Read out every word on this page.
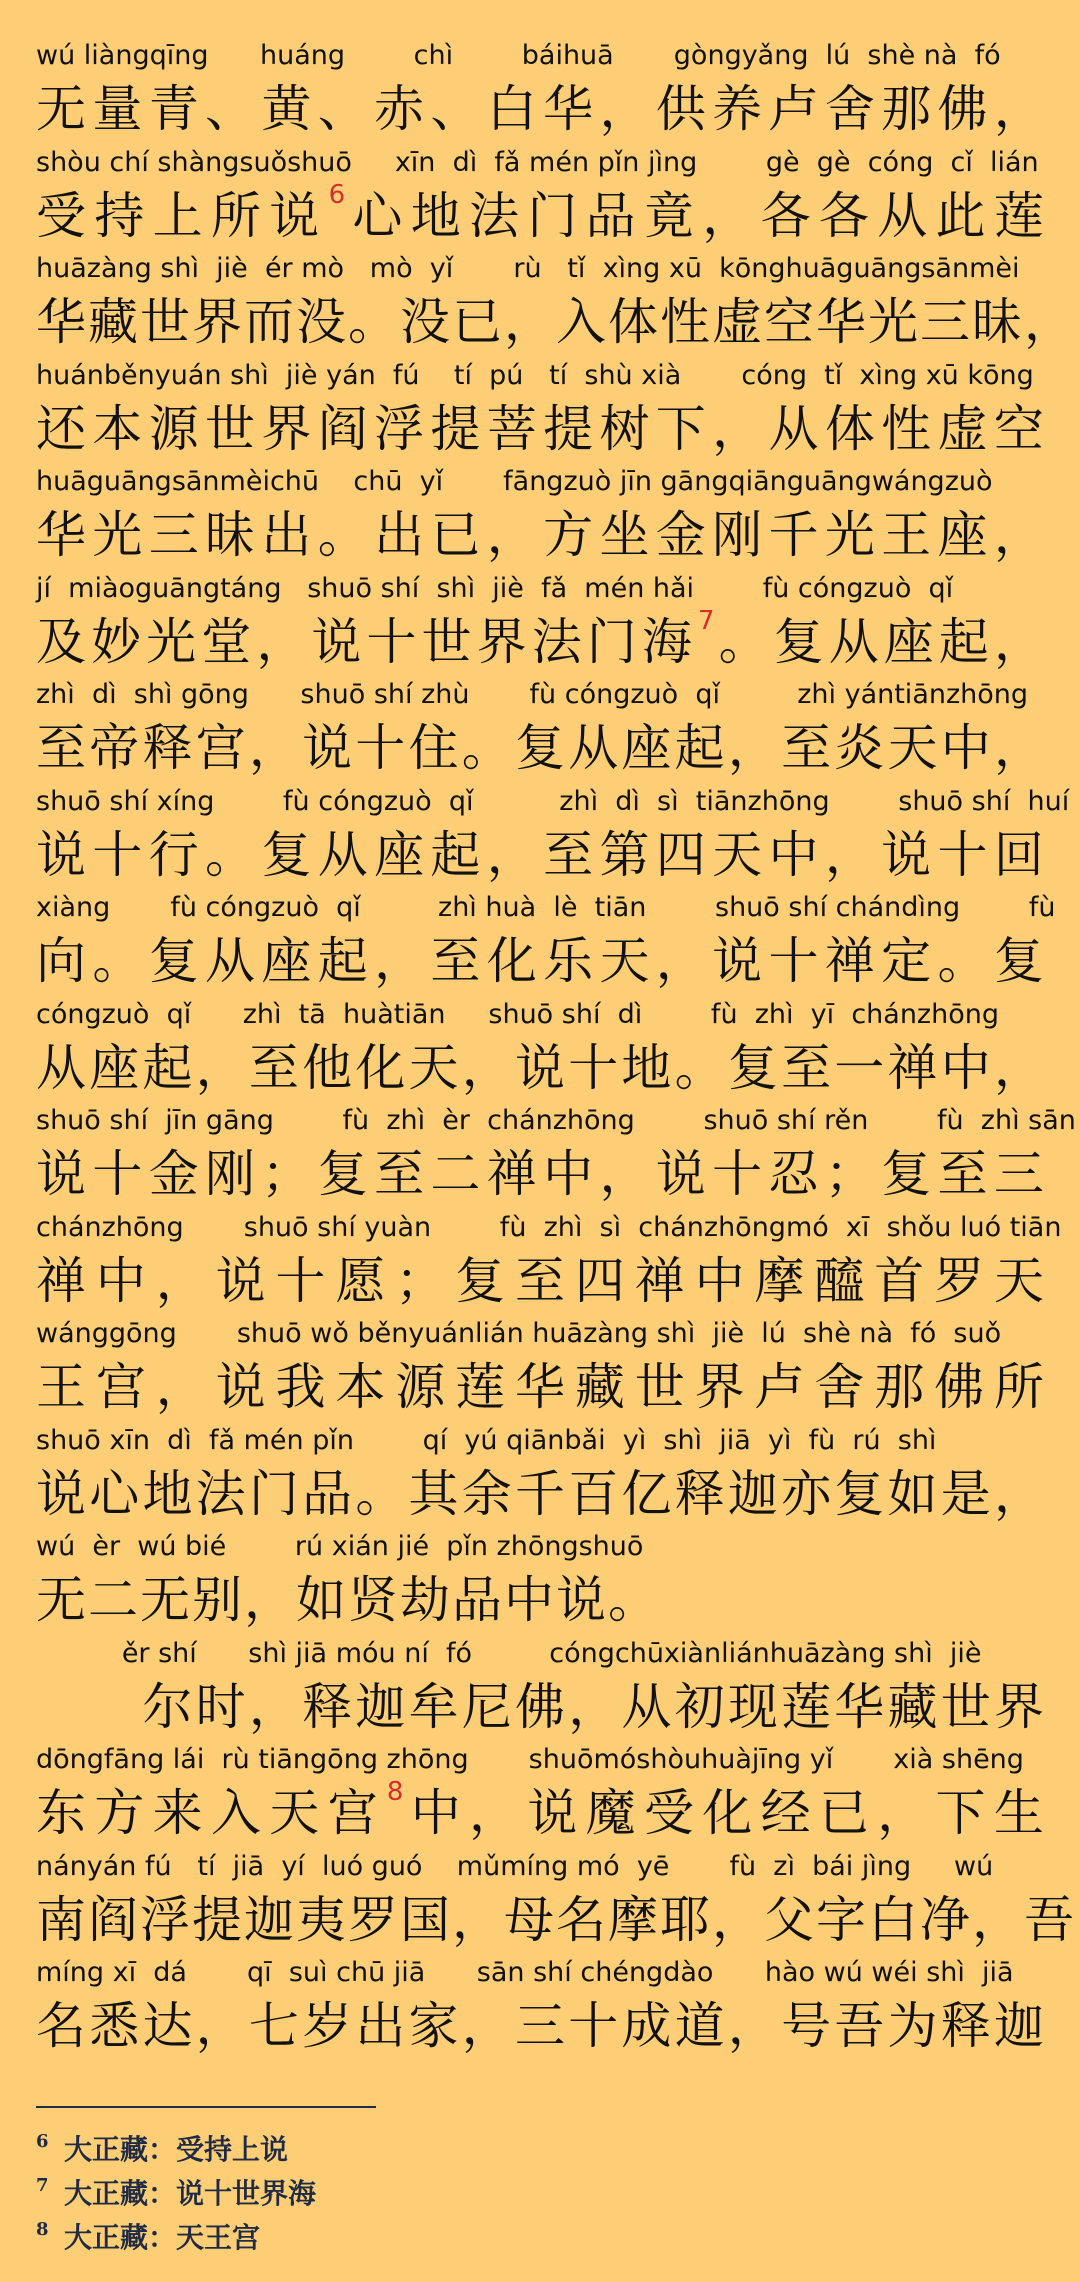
wú liàngqīng      huáng        chì        báihuā       gòngyǎng  lú  shè nà  fó
无 量 青 、 黄 、 赤 、 白 华 ， 供 养 卢 舍 那 佛 ，
shòu chí shàngsuǒshuō     xīn  dì  fǎ mén pǐn jìng        gè  gè  cóng  cǐ  lián
受 持 上 所 说 6 心 地 法 门 品 竟 ， 各 各 从 此 莲
huāzàng shì  jiè  ér mò   mò  yǐ       rù   tǐ  xìng xū  kōnghuāguāngsānmèi
华 藏 世 界 而 没 。 没 已 ， 入 体 性 虚 空 华 光 三 昧 ，
huánběnyuán shì  jiè yán  fú    tí  pú   tí  shù xià       cóng  tǐ  xìng xū kōng
还 本 源 世 界 阎 浮 提 菩 提 树 下 ， 从 体 性 虚 空
huāguāngsānmèichū    chū  yǐ       fāngzuò jīn gāngqiānguāngwángzuò
华 光 三 昧 出 。 出 已 ， 方 坐 金 刚 千 光 王 座 ，
jí  miàoguāngtáng   shuō shí  shì  jiè  fǎ  mén hǎi        fù cóngzuò  qǐ
及 妙 光 堂 ， 说 十 世 界 法 门 海 7 。 复 从 座 起 ，
zhì  dì  shì gōng      shuō shí zhù       fù cóngzuò  qǐ         zhì yántiānzhōng
至 帝 释 宫 ， 说 十 住 。 复 从 座 起 ， 至 炎 天 中 ，
shuō shí xíng        fù cóngzuò  qǐ          zhì  dì  sì  tiānzhōng        shuō shí  huí
说 十 行 。 复 从 座 起 ， 至 第 四 天 中 ， 说 十 回
xiàng       fù cóngzuò  qǐ         zhì huà  lè  tiān        shuō shí chándìng        fù
向 。 复 从 座 起 ， 至 化 乐 天 ， 说 十 禅 定 。 复
cóngzuò  qǐ      zhì  tā  huàtiān     shuō shí  dì        fù  zhì  yī  chánzhōng
从 座 起 ， 至 他 化 天 ， 说 十 地 。 复 至 一 禅 中 ，
shuō shí  jīn gāng        fù  zhì  èr  chánzhōng        shuō shí rěn        fù  zhì sān
说 十 金 刚 ； 复 至 二 禅 中 ， 说 十 忍 ； 复 至 三
chánzhōng       shuō shí yuàn        fù  zhì  sì  chánzhōngmó  xī  shǒu luó tiān
禅 中 ， 说 十 愿 ； 复 至 四 禅 中 摩 醯 首 罗 天
wánggōng       shuō wǒ běnyuánlián huāzàng shì  jiè  lú  shè nà  fó  suǒ
王 宫 ， 说 我 本 源 莲 华 藏 世 界 卢 舍 那 佛 所
shuō xīn  dì  fǎ mén pǐn        qí  yú qiānbǎi  yì  shì  jiā  yì  fù  rú  shì
说 心 地 法 门 品 。 其 余 千 百 亿 释 迦 亦 复 如 是 ，
wú  èr  wú bié        rú xián jié  pǐn zhōngshuō
无 二 无 别 ， 如 贤 劫 品 中 说 。
ěr shí      shì jiā móu ní  fó         cóngchūxiànliánhuāzàng shì  jiè

尔 时 ， 释 迦 牟 尼 佛 ， 从 初 现 莲 华 藏 世 界
dōngfāng lái  rù tiāngōng zhōng       shuōmóshòuhuàjīng yǐ       xià shēng
东 方 来 入 天 宫 8 中 ， 说 魔 受 化 经 已 ， 下 生
nányán fú   tí  jiā  yí  luó guó    mǔmíng mó  yē       fù  zì  bái jìng     wú
南 阎 浮 提 迦 夷 罗 国 ， 母 名 摩 耶 ， 父 字 白 净 ， 吾
míng xī  dá       qī  suì chū jiā      sān shí chéngdào      hào wú wéi shì  jiā
名 悉 达 ， 七 岁 出 家 ， 三 十 成 道 ， 号 吾 为 释 迦
6 大正藏：受持上说
7 大正藏：说十世界海
8 大正藏：天王宫
